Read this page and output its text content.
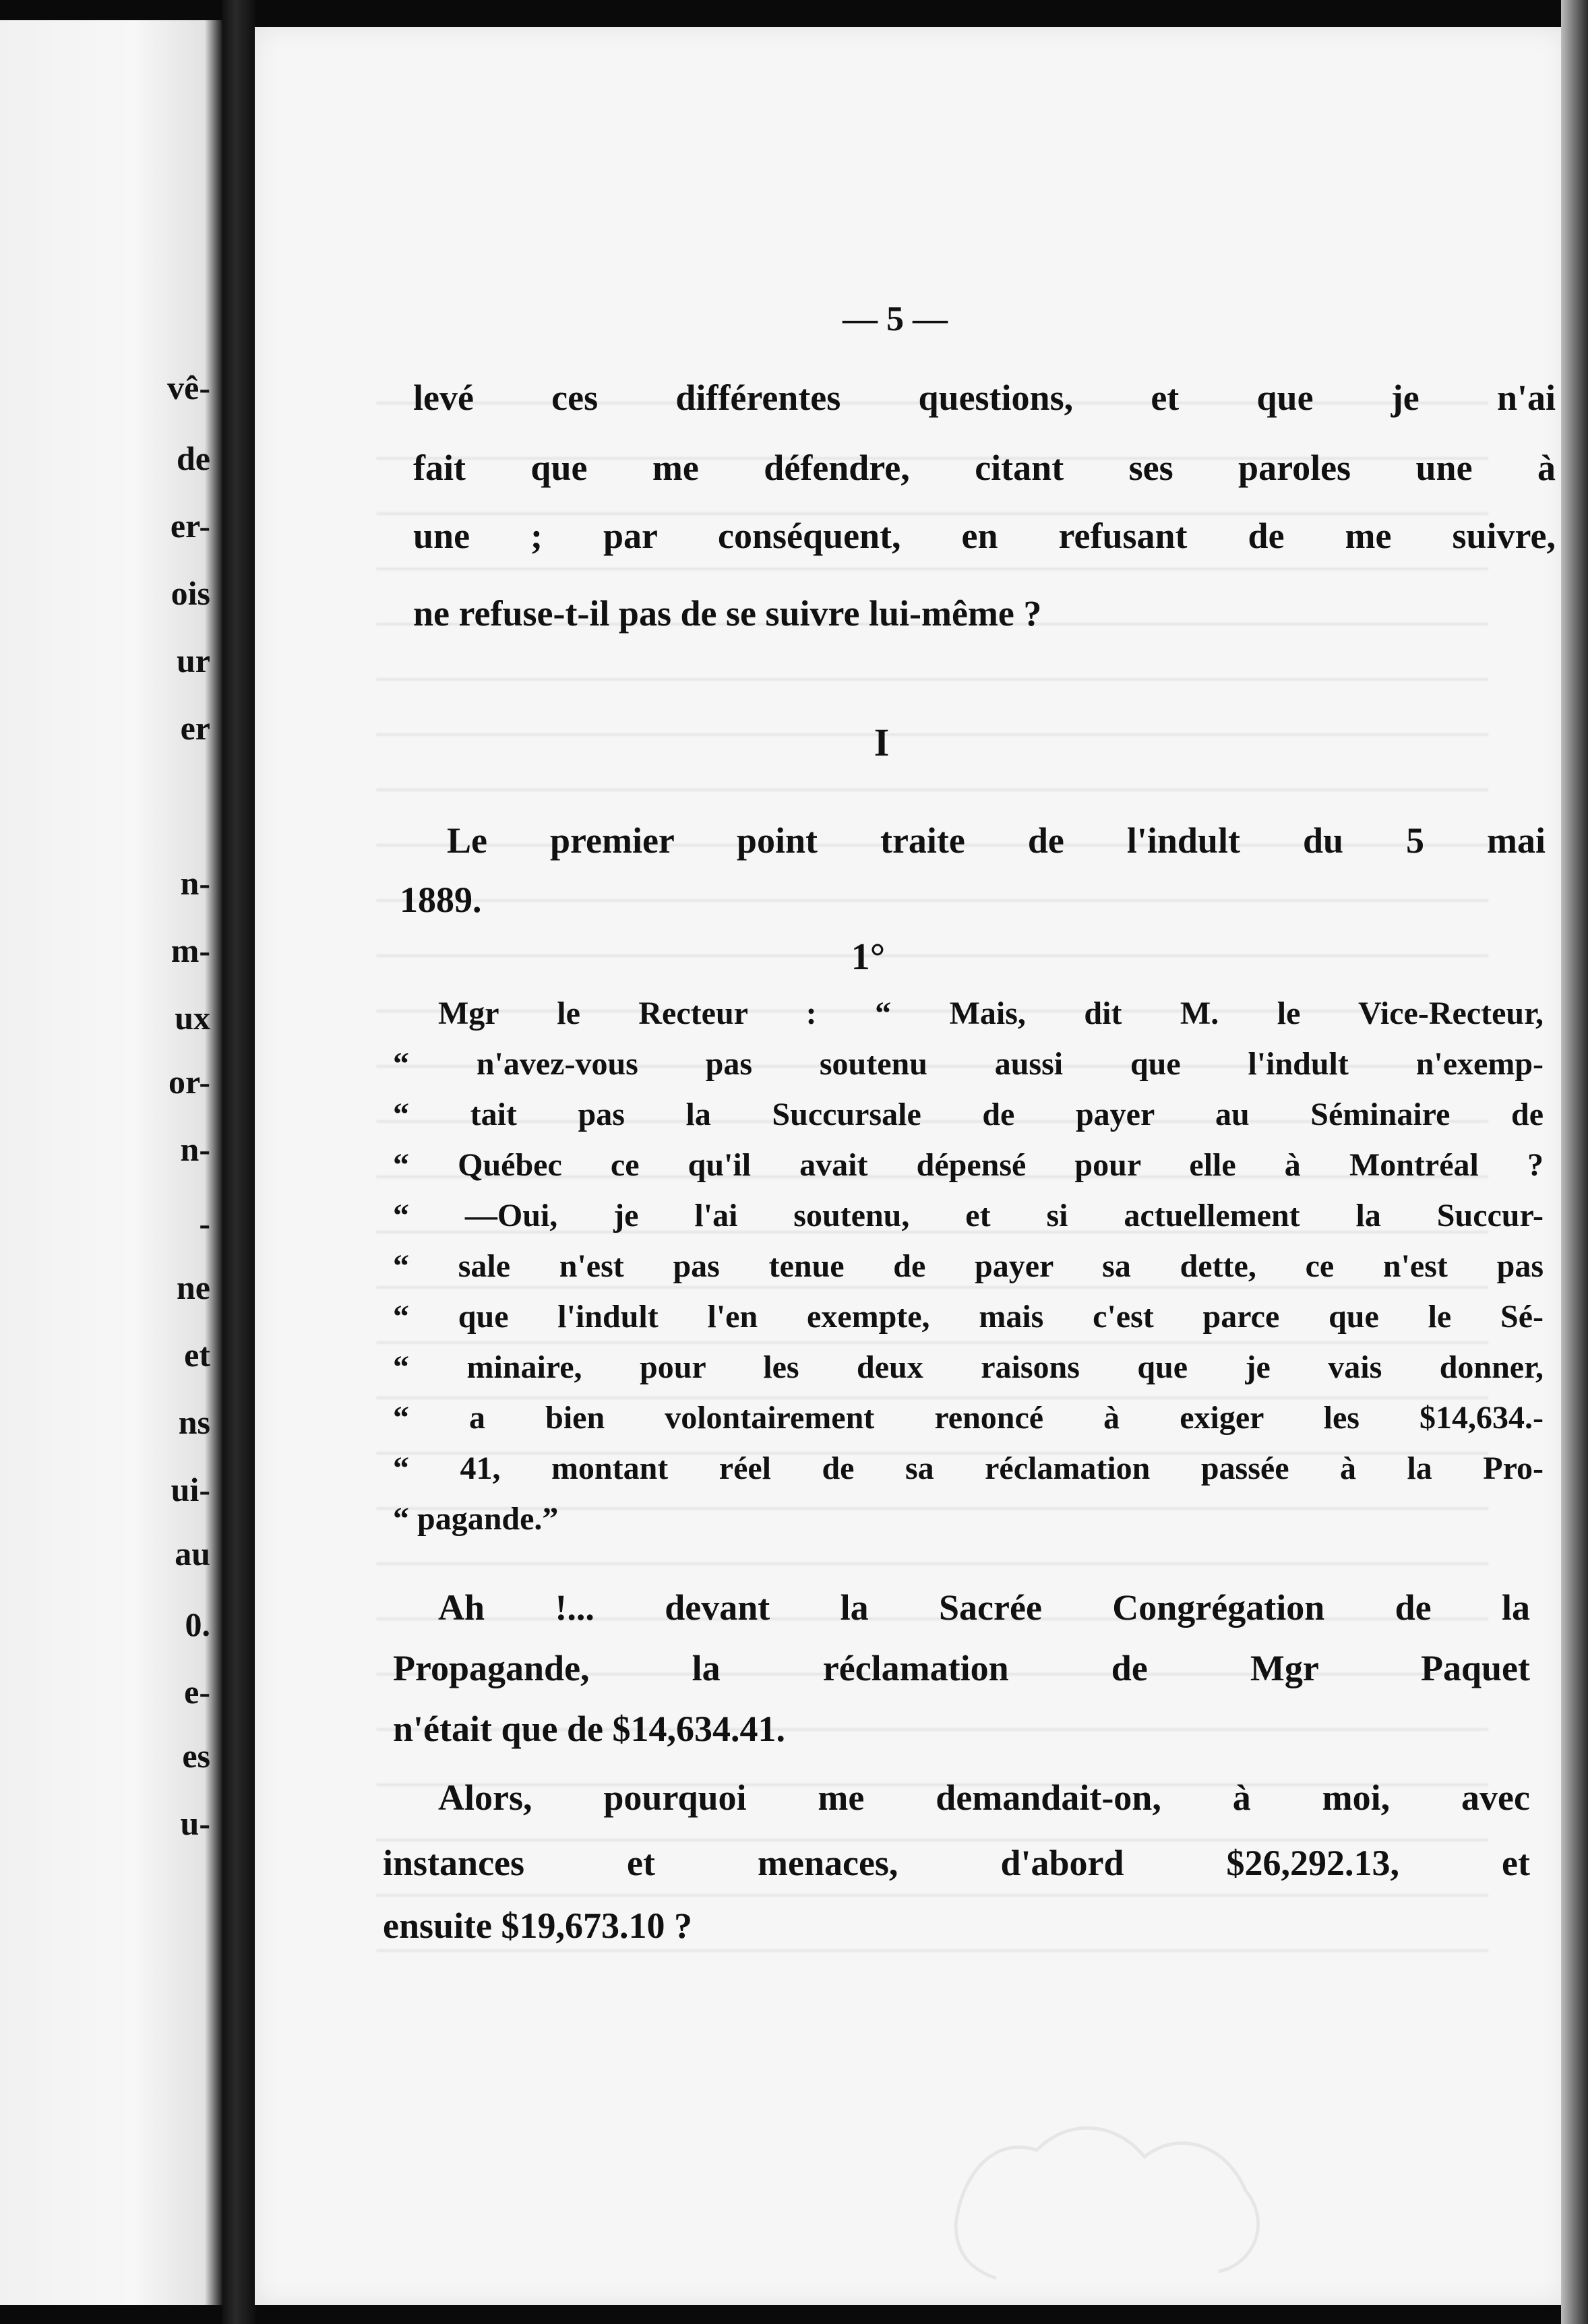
vê-
de
er-
ois
ur
er
n-
m-
ux
or-
n-
-
ne
et
ns
ui-
au
0.
e-
es
u-
— 5 —
levé ces différentes questions, et que je n'ai
fait que me défendre, citant ses paroles une à
une ; par conséquent, en refusant de me suivre,
ne refuse-t-il pas de se suivre lui-même ?
I
Le premier point traite de l'indult du 5 mai
1889.
1°
Mgr le Recteur : “ Mais, dit M. le Vice-Recteur,
“ n'avez-vous pas soutenu aussi que l'indult n'exemp-
“ tait pas la Succursale de payer au Séminaire de
“ Québec ce qu'il avait dépensé pour elle à Montréal ?
“ —Oui, je l'ai soutenu, et si actuellement la Succur-
“ sale n'est pas tenue de payer sa dette, ce n'est pas
“ que l'indult l'en exempte, mais c'est parce que le Sé-
“ minaire, pour les deux raisons que je vais donner,
“ a bien volontairement renoncé à exiger les $14,634.-
“ 41, montant réel de sa réclamation passée à la Pro-
“ pagande.”
Ah !... devant la Sacrée Congrégation de la
Propagande, la réclamation de Mgr Paquet
n'était que de $14,634.41.
Alors, pourquoi me demandait-on, à moi, avec
instances et menaces, d'abord $26,292.13, et
ensuite $19,673.10 ?
